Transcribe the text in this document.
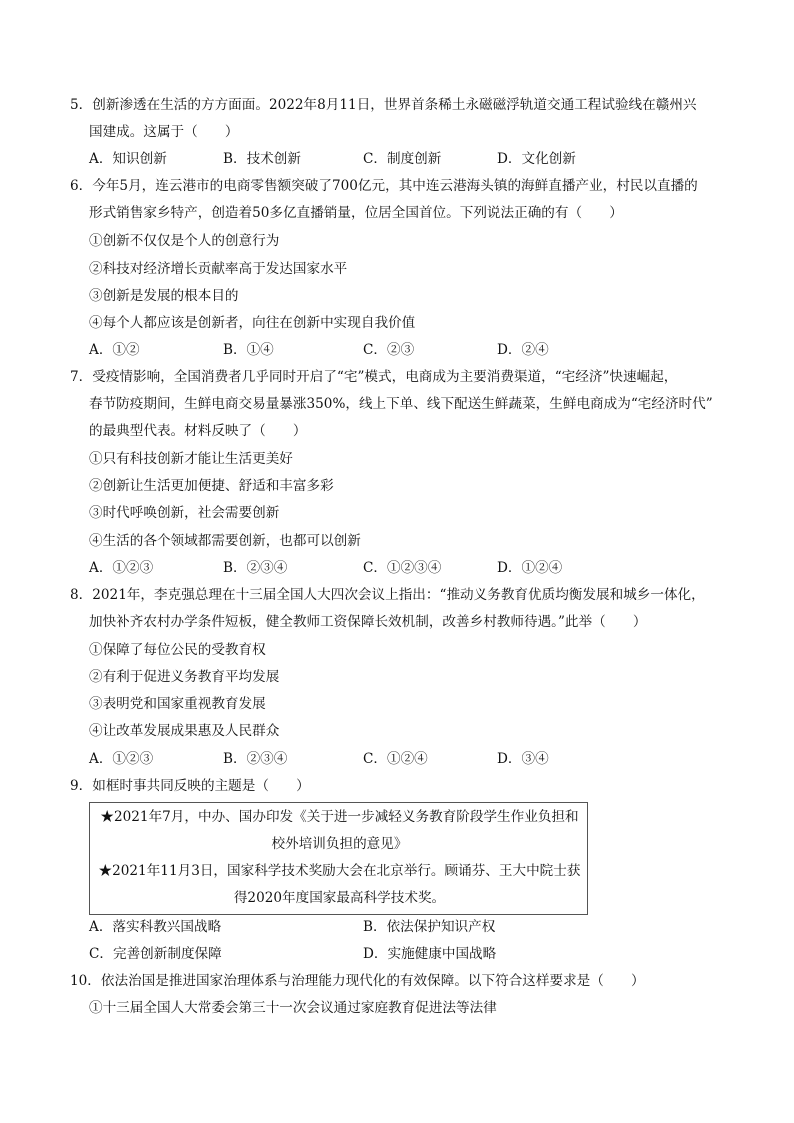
5．创新渗透在生活的方方面面。2022年8月11日，世界首条稀土永磁磁浮轨道交通工程试验线在赣州兴
国建成。这属于（　　）
A．知识创新	B．技术创新	C．制度创新	D．文化创新
6．今年5月，连云港市的电商零售额突破了700亿元，其中连云港海头镇的海鲜直播产业，村民以直播的
形式销售家乡特产，创造着50多亿直播销量，位居全国首位。下列说法正确的有（　　）
①创新不仅仅是个人的创意行为
②科技对经济增长贡献率高于发达国家水平
③创新是发展的根本目的
④每个人都应该是创新者，向往在创新中实现自我价值
A．①②	B．①④	C．②③	D．②④
7．受疫情影响，全国消费者几乎同时开启了“宅”模式，电商成为主要消费渠道，“宅经济”快速崛起，
春节防疫期间，生鲜电商交易量暴涨350%，线上下单、线下配送生鲜蔬菜，生鲜电商成为“宅经济时代”
的最典型代表。材料反映了（　　）
①只有科技创新才能让生活更美好
②创新让生活更加便捷、舒适和丰富多彩
③时代呼唤创新，社会需要创新
④生活的各个领域都需要创新，也都可以创新
A．①②③	B．②③④	C．①②③④	D．①②④
8．2021年，李克强总理在十三届全国人大四次会议上指出：“推动义务教育优质均衡发展和城乡一体化，
加快补齐农村办学条件短板，健全教师工资保障长效机制，改善乡村教师待遇。”此举（　　）
①保障了每位公民的受教育权
②有利于促进义务教育平均发展
③表明党和国家重视教育发展
④让改革发展成果惠及人民群众
A．①②③	B．②③④	C．①②④	D．③④
9．如框时事共同反映的主题是（　　）
★2021年7月，中办、国办印发《关于进一步减轻义务教育阶段学生作业负担和
校外培训负担的意见》
★2021年11月3日，国家科学技术奖励大会在北京举行。顾诵芬、王大中院士获
得2020年度国家最高科学技术奖。
A．落实科教兴国战略	B．依法保护知识产权
C．完善创新制度保障	D．实施健康中国战略
10．依法治国是推进国家治理体系与治理能力现代化的有效保障。以下符合这样要求是（　　）
①十三届全国人大常委会第三十一次会议通过家庭教育促进法等法律
